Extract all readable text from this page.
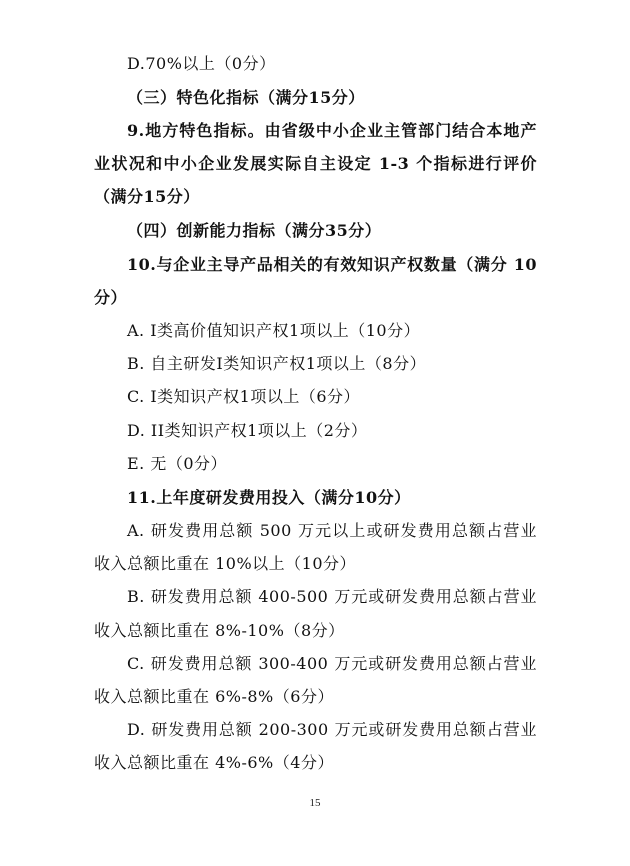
D.70%以上（0分）
（三）特色化指标（满分15分）
9.地方特色指标。由省级中小企业主管部门结合本地产
业状况和中小企业发展实际自主设定 1-3 个指标进行评价
（满分15分）
（四）创新能力指标（满分35分）
10.与企业主导产品相关的有效知识产权数量（满分 10
分）
A. I类高价值知识产权1项以上（10分）
B. 自主研发I类知识产权1项以上（8分）
C. I类知识产权1项以上（6分）
D. II类知识产权1项以上（2分）
E. 无（0分）
11.上年度研发费用投入（满分10分）
A. 研发费用总额 500 万元以上或研发费用总额占营业
收入总额比重在 10%以上（10分）
B. 研发费用总额 400-500 万元或研发费用总额占营业
收入总额比重在 8%-10%（8分）
C. 研发费用总额 300-400 万元或研发费用总额占营业
收入总额比重在 6%-8%（6分）
D. 研发费用总额 200-300 万元或研发费用总额占营业
收入总额比重在 4%-6%（4分）
15
